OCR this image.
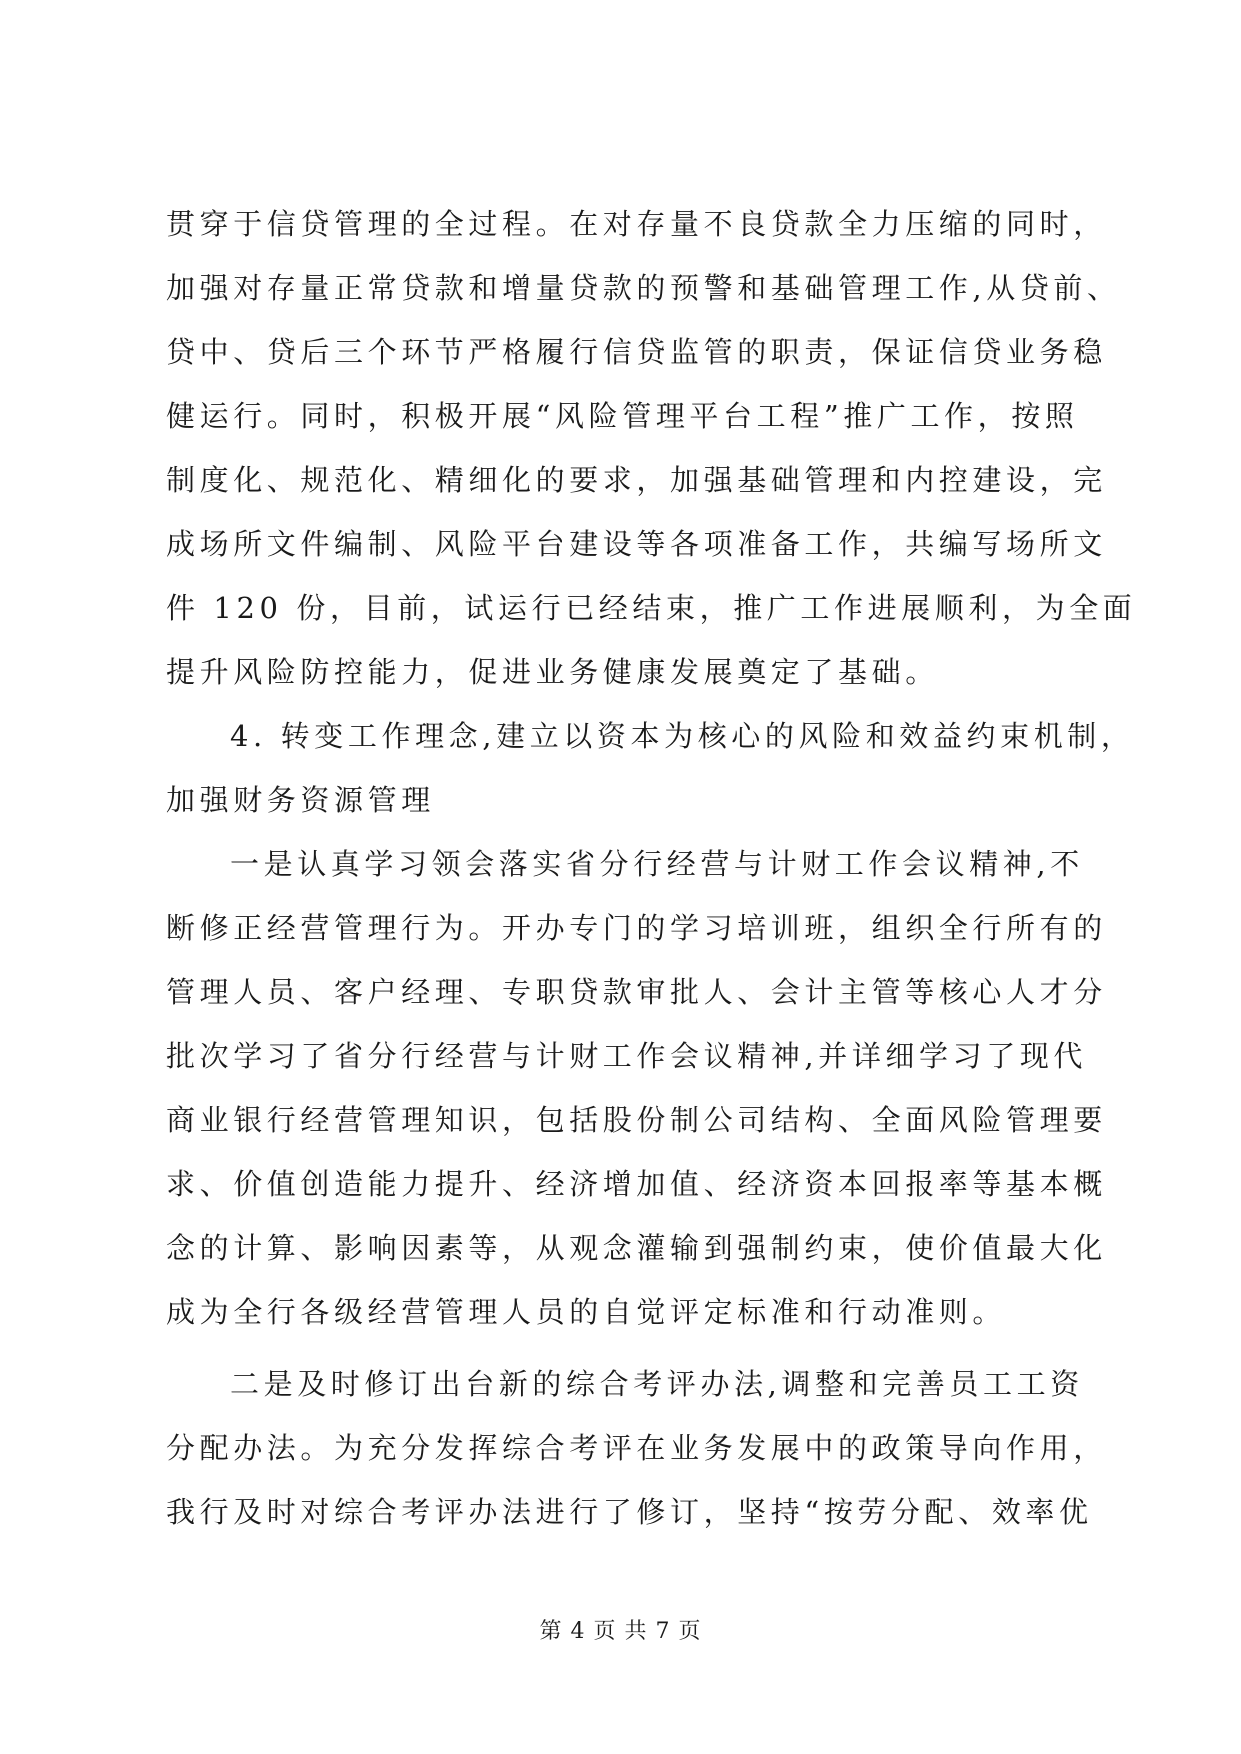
贯穿于信贷管理的全过程。在对存量不良贷款全力压缩的同时，
加强对存量正常贷款和增量贷款的预警和基础管理工作,从贷前、
贷中、贷后三个环节严格履行信贷监管的职责，保证信贷业务稳
健运行。同时，积极开展“风险管理平台工程”推广工作，按照
制度化、规范化、精细化的要求，加强基础管理和内控建设，完
成场所文件编制、风险平台建设等各项准备工作，共编写场所文
件 120 份，目前，试运行已经结束，推广工作进展顺利，为全面
提升风险防控能力，促进业务健康发展奠定了基础。
4. 转变工作理念,建立以资本为核心的风险和效益约束机制，
加强财务资源管理
一是认真学习领会落实省分行经营与计财工作会议精神,不
断修正经营管理行为。开办专门的学习培训班，组织全行所有的
管理人员、客户经理、专职贷款审批人、会计主管等核心人才分
批次学习了省分行经营与计财工作会议精神,并详细学习了现代
商业银行经营管理知识，包括股份制公司结构、全面风险管理要
求、价值创造能力提升、经济增加值、经济资本回报率等基本概
念的计算、影响因素等，从观念灌输到强制约束，使价值最大化
成为全行各级经营管理人员的自觉评定标准和行动准则。
二是及时修订出台新的综合考评办法,调整和完善员工工资
分配办法。为充分发挥综合考评在业务发展中的政策导向作用，
我行及时对综合考评办法进行了修订，坚持“按劳分配、效率优
第 4 页 共 7 页
